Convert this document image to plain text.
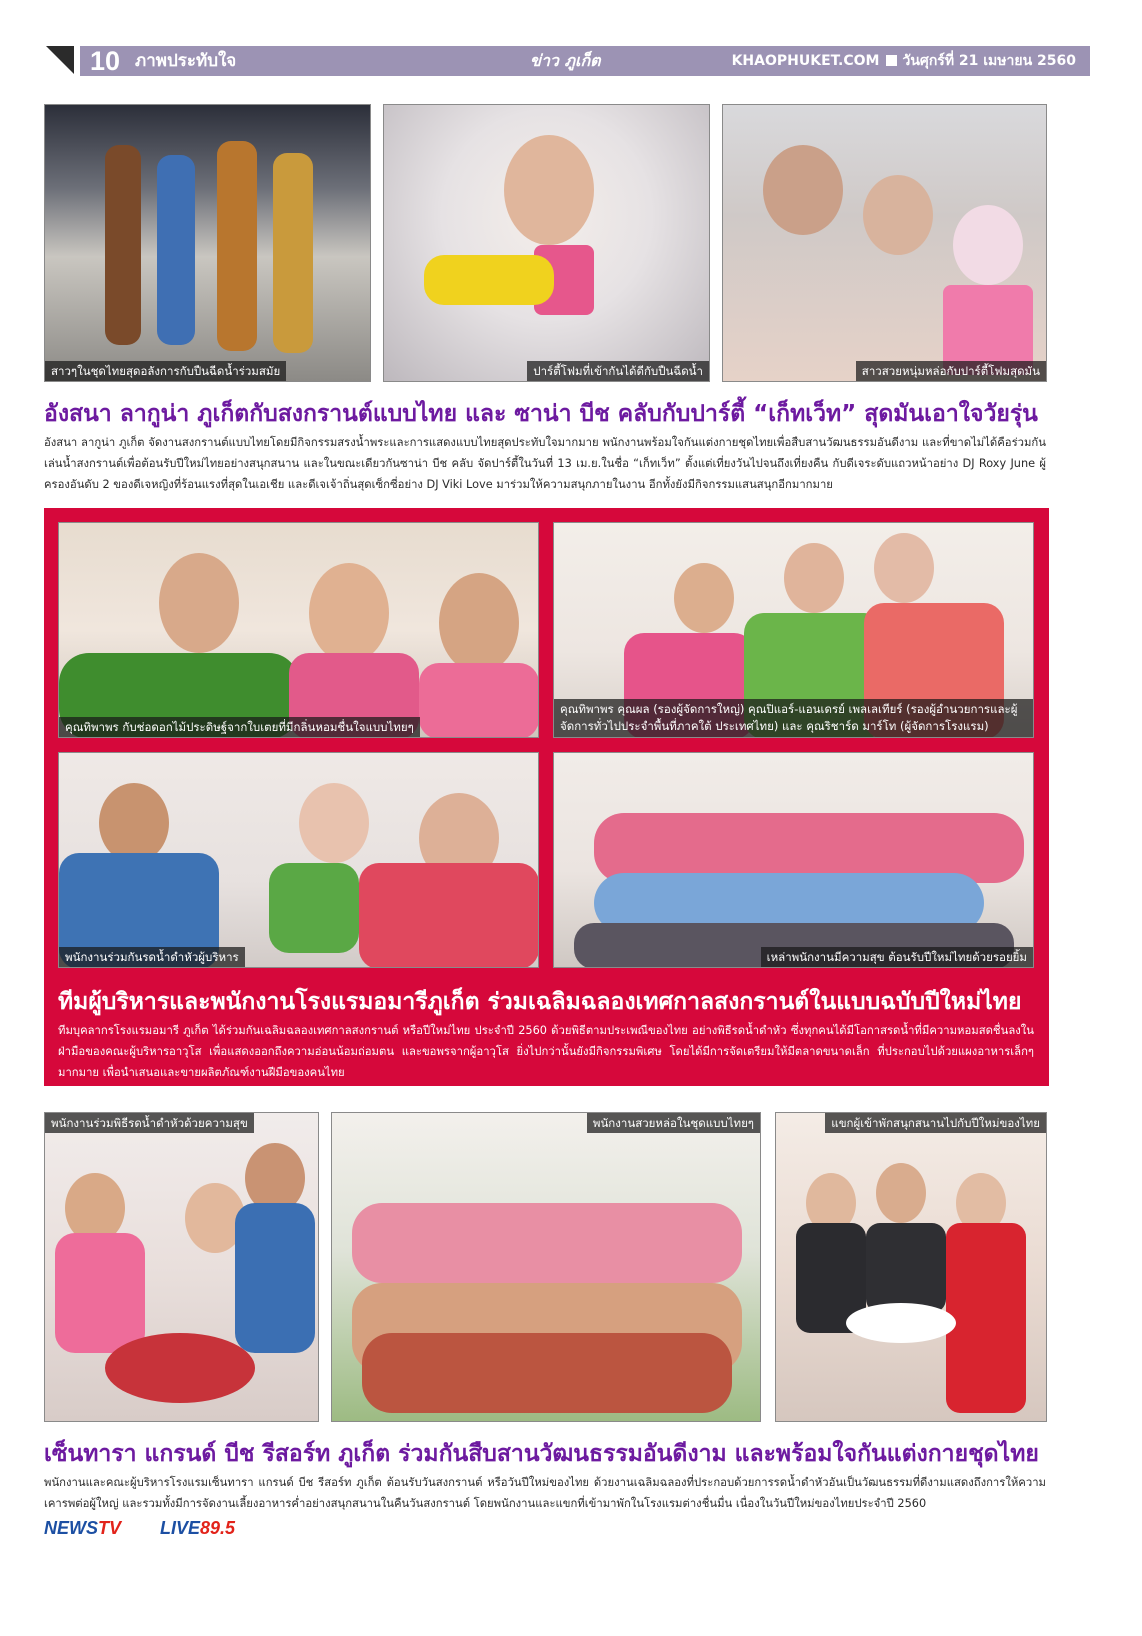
10 ภาพประทับใจ	ข่าว ภูเก็ต	KHAOPHUKET.COM วันศุกร์ที่ 21 เมษายน 2560
สาวๆในชุดไทยสุดอลังการกับปืนฉีดน้ำร่วมสมัย	ปาร์ตี้โฟมที่เข้ากันได้ดีกับปืนฉีดน้ำ	สาวสวยหนุ่มหล่อกับปาร์ตี้โฟมสุดมัน
อังสนา ลากูน่า ภูเก็ตกับสงกรานต์แบบไทย และ ซาน่า บีช คลับกับปาร์ตี้ “เก็ทเว็ท” สุดมันเอาใจวัยรุ่น
อังสนา ลากูน่า ภูเก็ต จัดงานสงกรานต์แบบไทยโดยมีกิจกรรมสรงน้ำพระและการแสดงแบบไทยสุดประทับใจมากมาย พนักงานพร้อมใจกันแต่งกายชุดไทยเพื่อสืบสานวัฒนธรรมอันดีงาม และที่ขาดไม่ได้คือร่วมกันเล่นน้ำสงกรานต์เพื่อต้อนรับปีใหม่ไทยอย่างสนุกสนาน และในขณะเดียวกันซาน่า บีช คลับ จัดปาร์ตี้ในวันที่ 13 เม.ย.ในชื่อ “เก็ทเว็ท” ตั้งแต่เที่ยงวันไปจนถึงเที่ยงคืน กับดีเจระดับแถวหน้าอย่าง DJ Roxy June ผู้ครองอันดับ 2 ของดีเจหญิงที่ร้อนแรงที่สุดในเอเชีย และดีเจเจ้าถิ่นสุดเซ็กซี่อย่าง DJ Viki Love มาร่วมให้ความสนุกภายในงาน อีกทั้งยังมีกิจกรรมแสนสนุกอีกมากมาย
คุณทิพาพร กับช่อดอกไม้ประดิษฐ์จากใบเตยที่มีกลิ่นหอมชื่นใจแบบไทยๆ
คุณทิพาพร คุณผล (รองผู้จัดการใหญ่) คุณปิแอร์-แอนเดรย์ เพลเลเทียร์ (รองผู้อำนวยการและผู้จัดการทั่วไปประจำพื้นที่ภาคใต้ ประเทศไทย) และ คุณริชาร์ด มาร์โท (ผู้จัดการโรงแรม)
พนักงานร่วมกันรดน้ำดำหัวผู้บริหาร	เหล่าพนักงานมีความสุข ต้อนรับปีใหม่ไทยด้วยรอยยิ้ม
ทีมผู้บริหารและพนักงานโรงแรมอมารีภูเก็ต ร่วมเฉลิมฉลองเทศกาลสงกรานต์ในแบบฉบับปีใหม่ไทย
ทีมบุคลากรโรงแรมอมารี ภูเก็ต ได้ร่วมกันเฉลิมฉลองเทศกาลสงกรานต์ หรือปีใหม่ไทย ประจำปี 2560 ด้วยพิธีตามประเพณีของไทย อย่างพิธีรดน้ำดำหัว ซึ่งทุกคนได้มีโอกาสรดน้ำที่มีความหอมสดชื่นลงในฝ่ามือของคณะผู้บริหารอาวุโส เพื่อแสดงออกถึงความอ่อนน้อมถ่อมตน และขอพรจากผู้อาวุโส ยิ่งไปกว่านั้นยังมีกิจกรรมพิเศษ โดยได้มีการจัดเตรียมให้มีตลาดขนาดเล็ก ที่ประกอบไปด้วยแผงอาหารเล็กๆมากมาย เพื่อนำเสนอและขายผลิตภัณฑ์งานฝีมือของคนไทย
พนักงานร่วมพิธีรดน้ำดำหัวด้วยความสุข	พนักงานสวยหล่อในชุดแบบไทยๆ	แขกผู้เข้าพักสนุกสนานไปกับปีใหม่ของไทย
เซ็นทารา แกรนด์ บีช รีสอร์ท ภูเก็ต ร่วมกันสืบสานวัฒนธรรมอันดีงาม และพร้อมใจกันแต่งกายชุดไทย
พนักงานและคณะผู้บริหารโรงแรมเซ็นทารา แกรนด์ บีช รีสอร์ท ภูเก็ต ต้อนรับวันสงกรานต์ หรือวันปีใหม่ของไทย ด้วยงานเฉลิมฉลองที่ประกอบด้วยการรดน้ำดำหัวอันเป็นวัฒนธรรมที่ดีงามแสดงถึงการให้ความเคารพต่อผู้ใหญ่ และรวมทั้งมีการจัดงานเลี้ยงอาหารค่ำอย่างสนุกสนานในคืนวันสงกรานต์ โดยพนักงานและแขกที่เข้ามาพักในโรงแรมต่างชื่นมื่น เนื่องในวันปีใหม่ของไทยประจำปี 2560
NEWSTV LIVE89.5
